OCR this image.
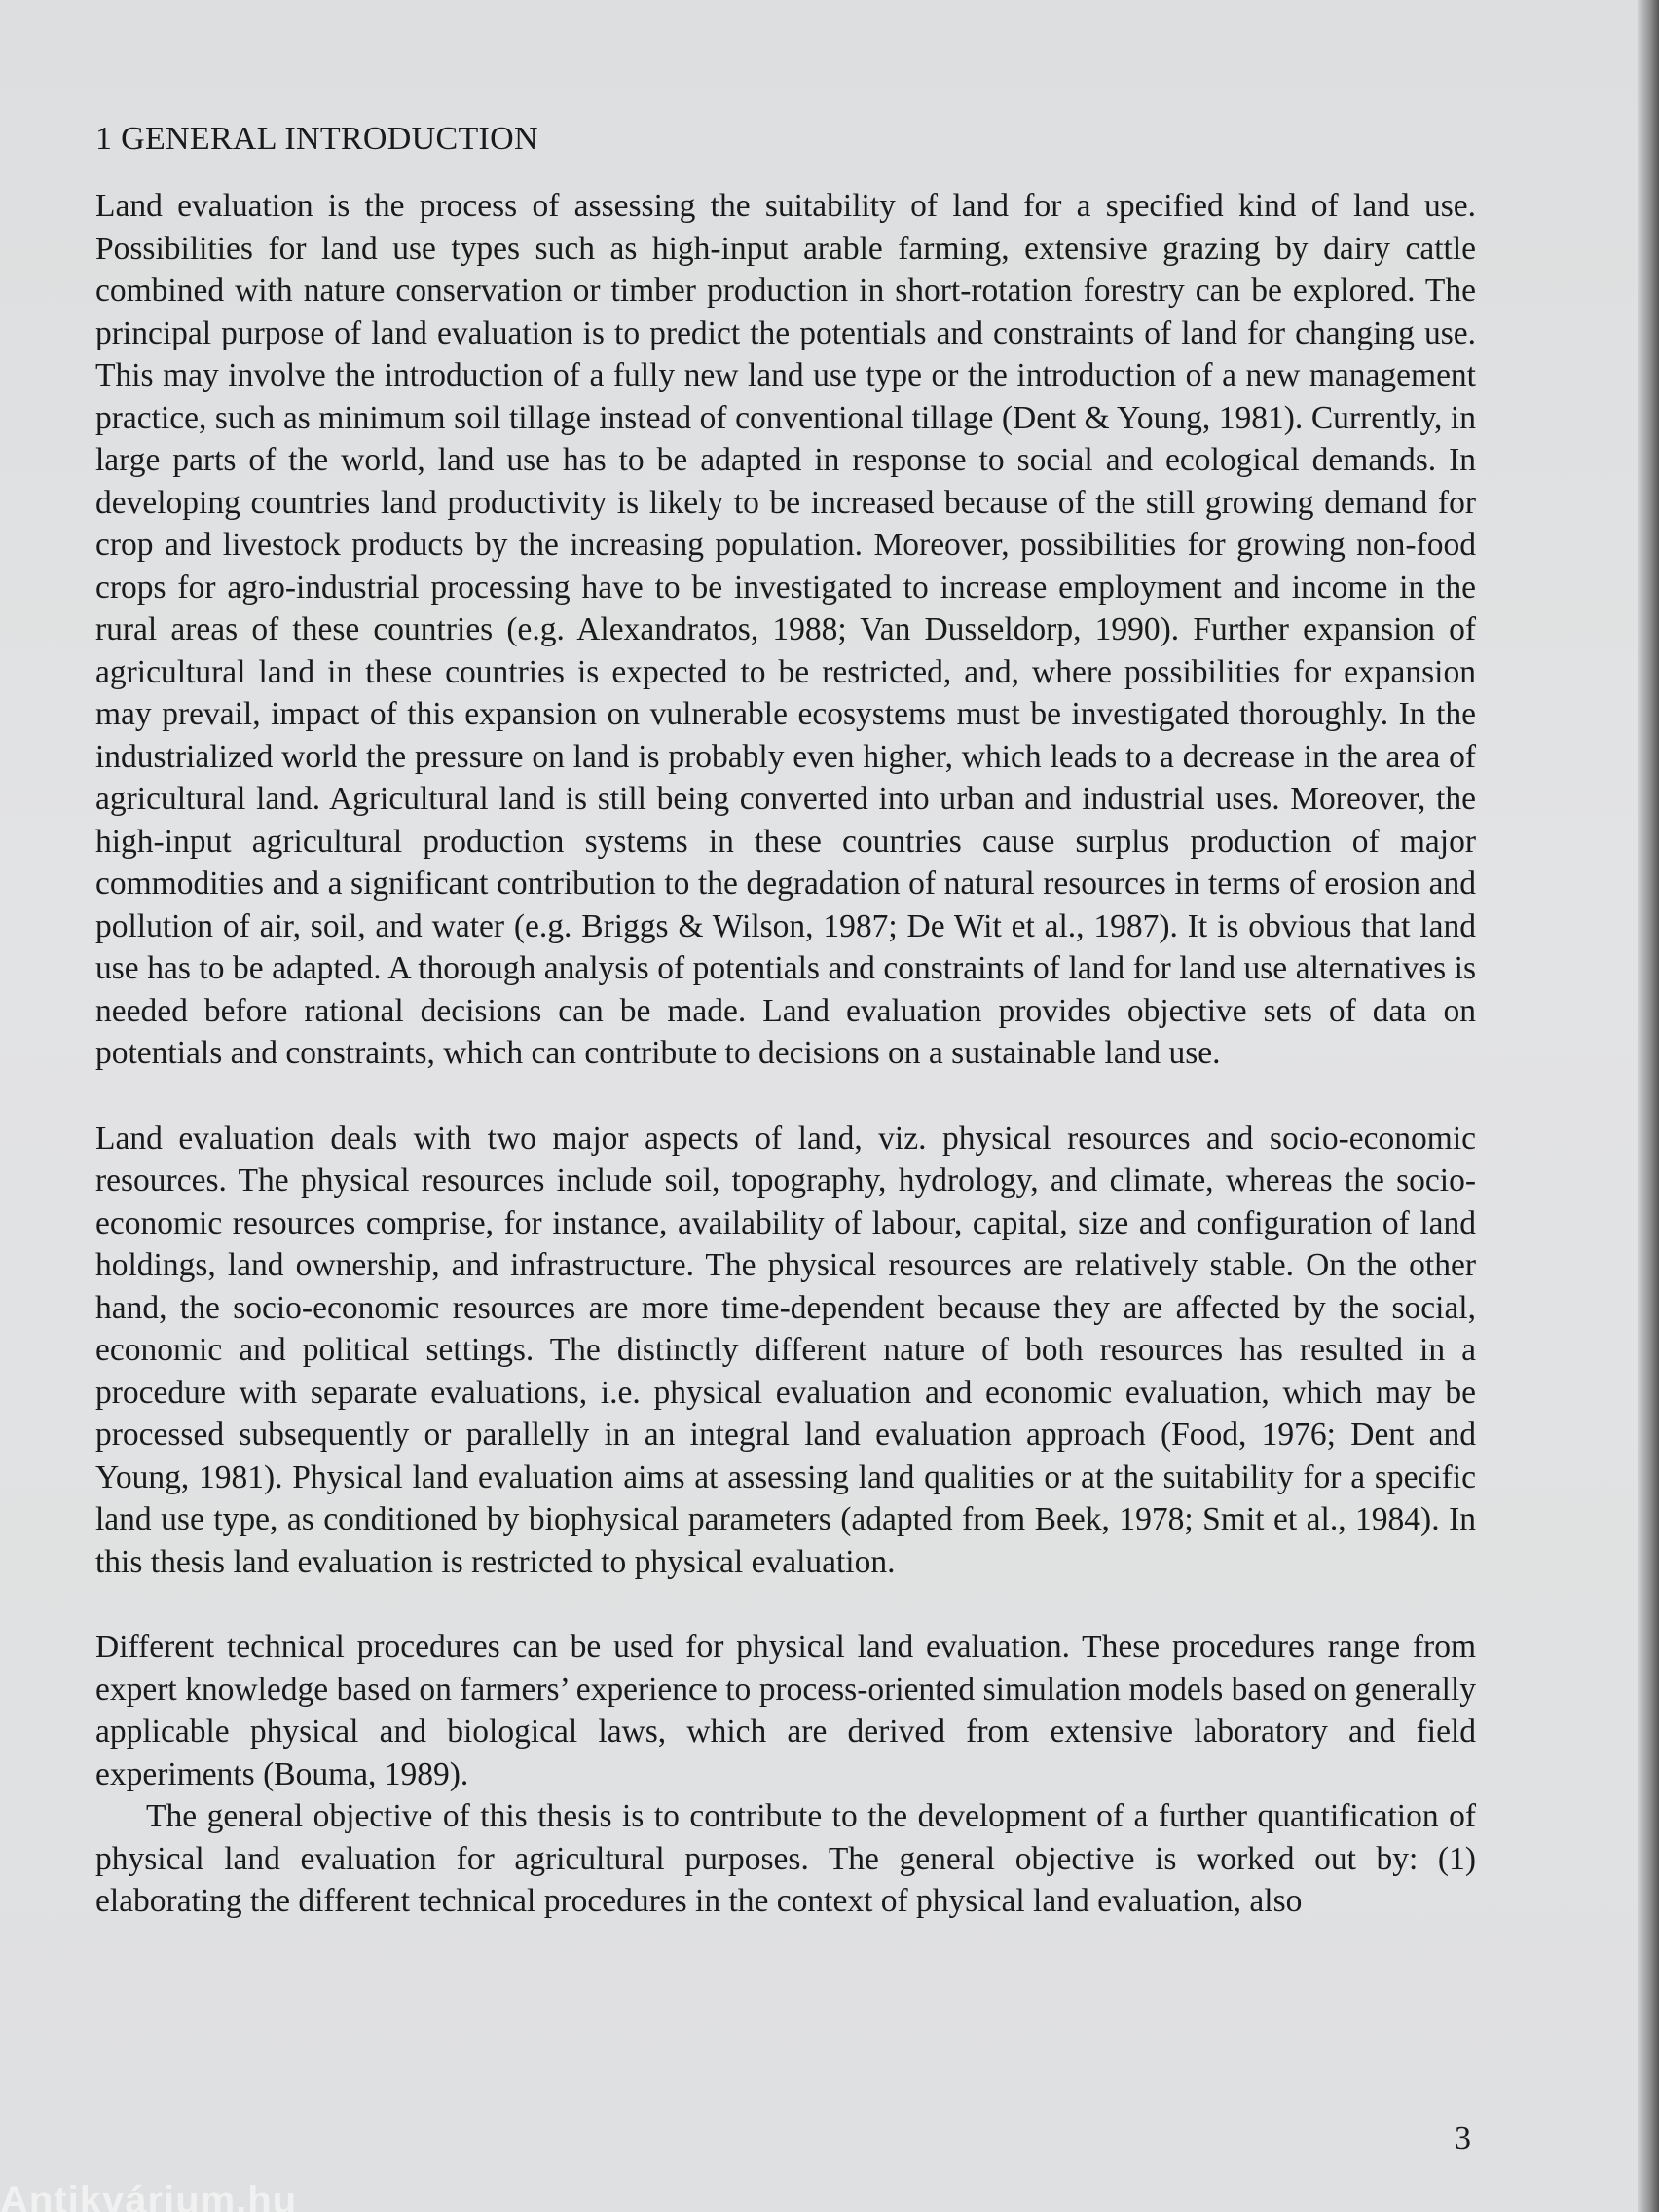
1 GENERAL INTRODUCTION

Land evaluation is the process of assessing the suitability of land for a specified kind of land use. Possibilities for land use types such as high-input arable farming, extensive grazing by dairy cattle combined with nature conservation or timber production in short-rotation forestry can be explored. The principal purpose of land evaluation is to predict the potentials and constraints of land for changing use. This may involve the introduction of a fully new land use type or the introduction of a new management practice, such as minimum soil tillage instead of conventional tillage (Dent & Young, 1981). Currently, in large parts of the world, land use has to be adapted in response to social and ecological demands. In developing countries land productivity is likely to be increased because of the still growing demand for crop and livestock products by the increasing population. Moreover, possibilities for growing non-food crops for agro-industrial processing have to be investigated to increase employment and income in the rural areas of these countries (e.g. Alexandratos, 1988; Van Dusseldorp, 1990). Further expansion of agricultural land in these countries is expected to be restricted, and, where possibilities for expansion may prevail, impact of this expansion on vulnerable ecosystems must be investigated thoroughly. In the industrialized world the pressure on land is probably even higher, which leads to a decrease in the area of agricultural land. Agricultural land is still being converted into urban and industrial uses. Moreover, the high-input agricultural production systems in these countries cause surplus production of major commodities and a significant contribution to the degradation of natural resources in terms of erosion and pollution of air, soil, and water (e.g. Briggs & Wilson, 1987; De Wit et al., 1987). It is obvious that land use has to be adapted. A thorough analysis of potentials and constraints of land for land use alternatives is needed before rational decisions can be made. Land evaluation provides objective sets of data on potentials and constraints, which can contribute to decisions on a sustainable land use.

Land evaluation deals with two major aspects of land, viz. physical resources and socio-economic resources. The physical resources include soil, topography, hydrology, and climate, whereas the socio-economic resources comprise, for instance, availability of labour, capital, size and configuration of land holdings, land ownership, and infrastructure. The physical resources are relatively stable. On the other hand, the socio-economic resources are more time-dependent because they are affected by the social, economic and political settings. The distinctly different nature of both resources has resulted in a procedure with separate evaluations, i.e. physical evaluation and economic evaluation, which may be processed subsequently or parallelly in an integral land evaluation approach (Food, 1976; Dent and Young, 1981). Physical land evaluation aims at assessing land qualities or at the suitability for a specific land use type, as conditioned by biophysical parameters (adapted from Beek, 1978; Smit et al., 1984). In this thesis land evaluation is restricted to physical evaluation.

Different technical procedures can be used for physical land evaluation. These procedures range from expert knowledge based on farmers’ experience to process-oriented simulation models based on generally applicable physical and biological laws, which are derived from extensive laboratory and field experiments (Bouma, 1989).

The general objective of this thesis is to contribute to the development of a further quantification of physical land evaluation for agricultural purposes. The general objective is worked out by: (1) elaborating the different technical procedures in the context of physical land evaluation, also

3
Antikvárium.hu
